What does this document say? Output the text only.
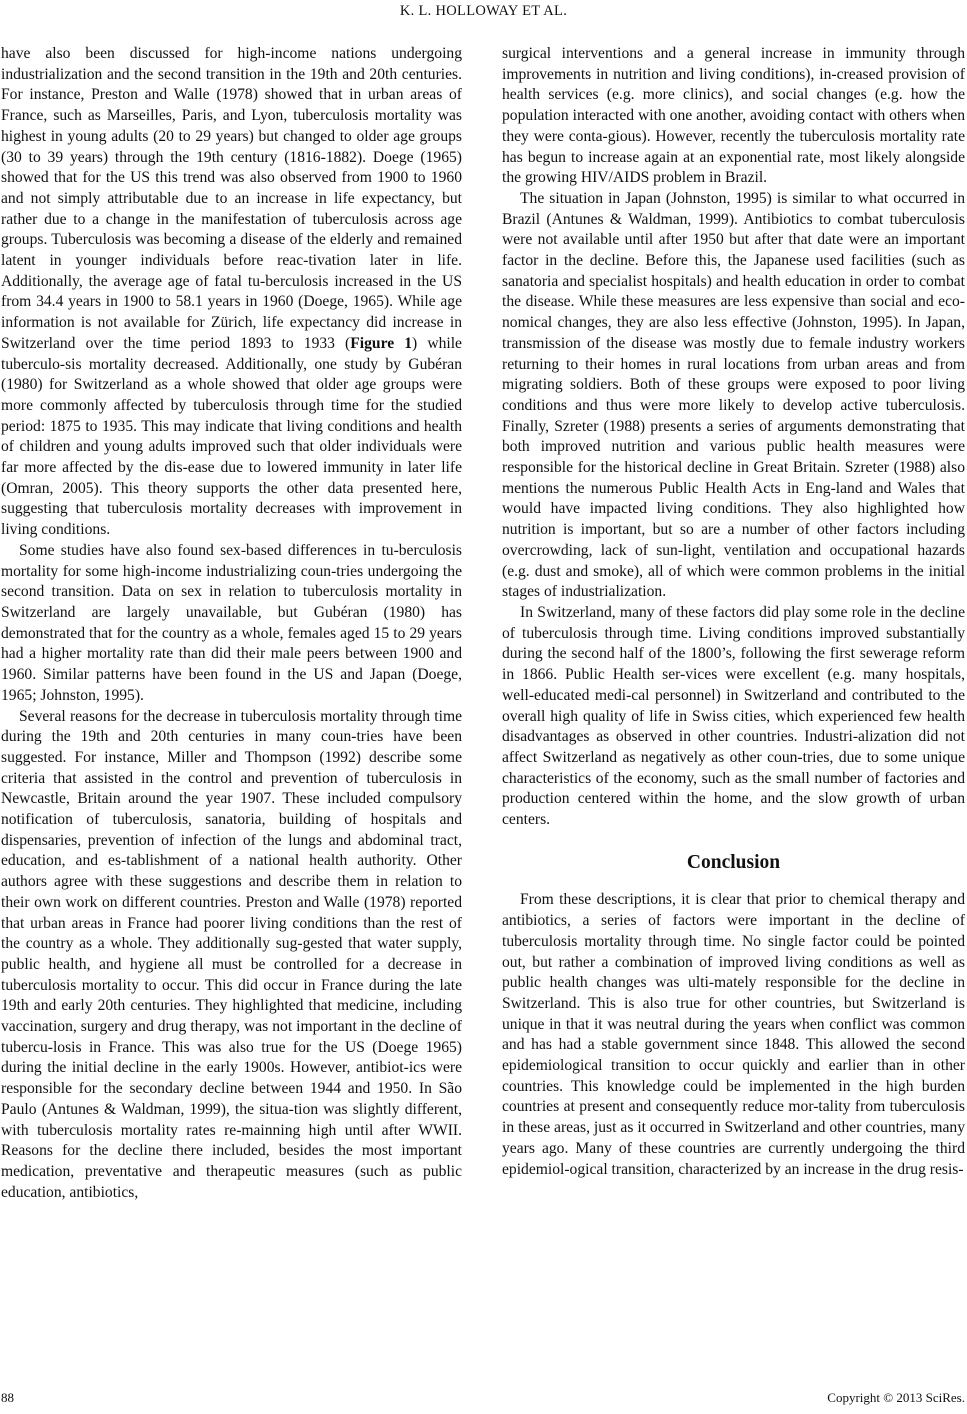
K. L. HOLLOWAY ET AL.

have also been discussed for high-income nations undergoing industrialization and the second transition in the 19th and 20th centuries. For instance, Preston and Walle (1978) showed that in urban areas of France, such as Marseilles, Paris, and Lyon, tuberculosis mortality was highest in young adults (20 to 29 years) but changed to older age groups (30 to 39 years) through the 19th century (1816-1882). Doege (1965) showed that for the US this trend was also observed from 1900 to 1960 and not simply attributable due to an increase in life expectancy, but rather due to a change in the manifestation of tuberculosis across age groups. Tuberculosis was becoming a disease of the elderly and remained latent in younger individuals before reac-tivation later in life. Additionally, the average age of fatal tu-berculosis increased in the US from 34.4 years in 1900 to 58.1 years in 1960 (Doege, 1965). While age information is not available for Zürich, life expectancy did increase in Switzerland over the time period 1893 to 1933 (Figure 1) while tuberculo-sis mortality decreased. Additionally, one study by Gubéran (1980) for Switzerland as a whole showed that older age groups were more commonly affected by tuberculosis through time for the studied period: 1875 to 1935. This may indicate that living conditions and health of children and young adults improved such that older individuals were far more affected by the dis-ease due to lowered immunity in later life (Omran, 2005). This theory supports the other data presented here, suggesting that tuberculosis mortality decreases with improvement in living conditions.

Some studies have also found sex-based differences in tu-berculosis mortality for some high-income industrializing coun-tries undergoing the second transition. Data on sex in relation to tuberculosis mortality in Switzerland are largely unavailable, but Gubéran (1980) has demonstrated that for the country as a whole, females aged 15 to 29 years had a higher mortality rate than did their male peers between 1900 and 1960. Similar patterns have been found in the US and Japan (Doege, 1965; Johnston, 1995).

Several reasons for the decrease in tuberculosis mortality through time during the 19th and 20th centuries in many coun-tries have been suggested. For instance, Miller and Thompson (1992) describe some criteria that assisted in the control and prevention of tuberculosis in Newcastle, Britain around the year 1907. These included compulsory notification of tuberculosis, sanatoria, building of hospitals and dispensaries, prevention of infection of the lungs and abdominal tract, education, and es-tablishment of a national health authority. Other authors agree with these suggestions and describe them in relation to their own work on different countries. Preston and Walle (1978) reported that urban areas in France had poorer living conditions than the rest of the country as a whole. They additionally sug-gested that water supply, public health, and hygiene all must be controlled for a decrease in tuberculosis mortality to occur. This did occur in France during the late 19th and early 20th centuries. They highlighted that medicine, including vaccination, surgery and drug therapy, was not important in the decline of tubercu-losis in France. This was also true for the US (Doege 1965) during the initial decline in the early 1900s. However, antibiot-ics were responsible for the secondary decline between 1944 and 1950. In São Paulo (Antunes & Waldman, 1999), the situa-tion was slightly different, with tuberculosis mortality rates re-mainning high until after WWII. Reasons for the decline there included, besides the most important medication, preventative and therapeutic measures (such as public education, antibiotics,

surgical interventions and a general increase in immunity through improvements in nutrition and living conditions), in-creased provision of health services (e.g. more clinics), and social changes (e.g. how the population interacted with one another, avoiding contact with others when they were conta-gious). However, recently the tuberculosis mortality rate has begun to increase again at an exponential rate, most likely alongside the growing HIV/AIDS problem in Brazil.

The situation in Japan (Johnston, 1995) is similar to what occurred in Brazil (Antunes & Waldman, 1999). Antibiotics to combat tuberculosis were not available until after 1950 but after that date were an important factor in the decline. Before this, the Japanese used facilities (such as sanatoria and specialist hospitals) and health education in order to combat the disease. While these measures are less expensive than social and eco-nomical changes, they are also less effective (Johnston, 1995). In Japan, transmission of the disease was mostly due to female industry workers returning to their homes in rural locations from urban areas and from migrating soldiers. Both of these groups were exposed to poor living conditions and thus were more likely to develop active tuberculosis. Finally, Szreter (1988) presents a series of arguments demonstrating that both improved nutrition and various public health measures were responsible for the historical decline in Great Britain. Szreter (1988) also mentions the numerous Public Health Acts in Eng-land and Wales that would have impacted living conditions. They also highlighted how nutrition is important, but so are a number of other factors including overcrowding, lack of sun-light, ventilation and occupational hazards (e.g. dust and smoke), all of which were common problems in the initial stages of industrialization.

In Switzerland, many of these factors did play some role in the decline of tuberculosis through time. Living conditions improved substantially during the second half of the 1800’s, following the first sewerage reform in 1866. Public Health ser-vices were excellent (e.g. many hospitals, well-educated medi-cal personnel) in Switzerland and contributed to the overall high quality of life in Swiss cities, which experienced few health disadvantages as observed in other countries. Industri-alization did not affect Switzerland as negatively as other coun-tries, due to some unique characteristics of the economy, such as the small number of factories and production centered within the home, and the slow growth of urban centers.

Conclusion

From these descriptions, it is clear that prior to chemical therapy and antibiotics, a series of factors were important in the decline of tuberculosis mortality through time. No single factor could be pointed out, but rather a combination of improved living conditions as well as public health changes was ulti-mately responsible for the decline in Switzerland. This is also true for other countries, but Switzerland is unique in that it was neutral during the years when conflict was common and has had a stable government since 1848. This allowed the second epidemiological transition to occur quickly and earlier than in other countries. This knowledge could be implemented in the high burden countries at present and consequently reduce mor-tality from tuberculosis in these areas, just as it occurred in Switzerland and other countries, many years ago. Many of these countries are currently undergoing the third epidemiol-ogical transition, characterized by an increase in the drug resis-

88	Copyright © 2013 SciRes.
